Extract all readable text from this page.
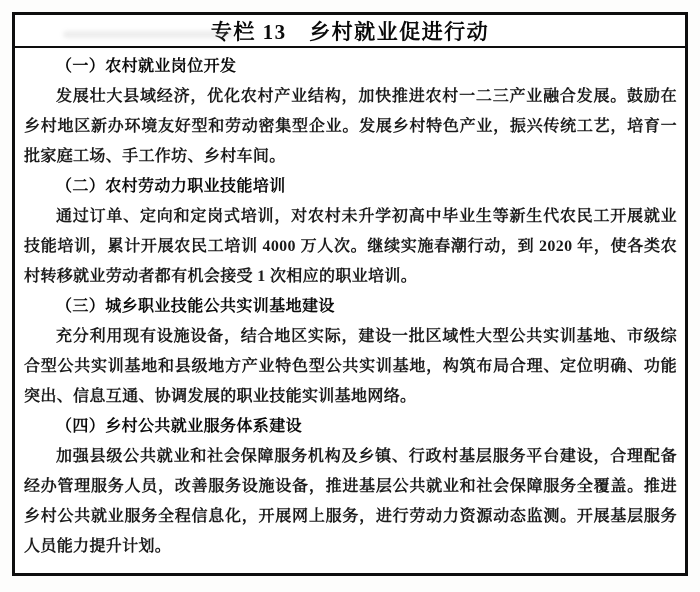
专栏 13　乡村就业促进行动
（一）农村就业岗位开发

发展壮大县域经济，优化农村产业结构，加快推进农村一二三产业融合发展。鼓励在乡村地区新办环境友好型和劳动密集型企业。发展乡村特色产业，振兴传统工艺，培育一批家庭工场、手工作坊、乡村车间。

（二）农村劳动力职业技能培训

通过订单、定向和定岗式培训，对农村未升学初高中毕业生等新生代农民工开展就业技能培训，累计开展农民工培训 4000 万人次。继续实施春潮行动，到 2020 年，使各类农村转移就业劳动者都有机会接受 1 次相应的职业培训。

（三）城乡职业技能公共实训基地建设

充分利用现有设施设备，结合地区实际，建设一批区域性大型公共实训基地、市级综合型公共实训基地和县级地方产业特色型公共实训基地，构筑布局合理、定位明确、功能突出、信息互通、协调发展的职业技能实训基地网络。

（四）乡村公共就业服务体系建设

加强县级公共就业和社会保障服务机构及乡镇、行政村基层服务平台建设，合理配备经办管理服务人员，改善服务设施设备，推进基层公共就业和社会保障服务全覆盖。推进乡村公共就业服务全程信息化，开展网上服务，进行劳动力资源动态监测。开展基层服务人员能力提升计划。
